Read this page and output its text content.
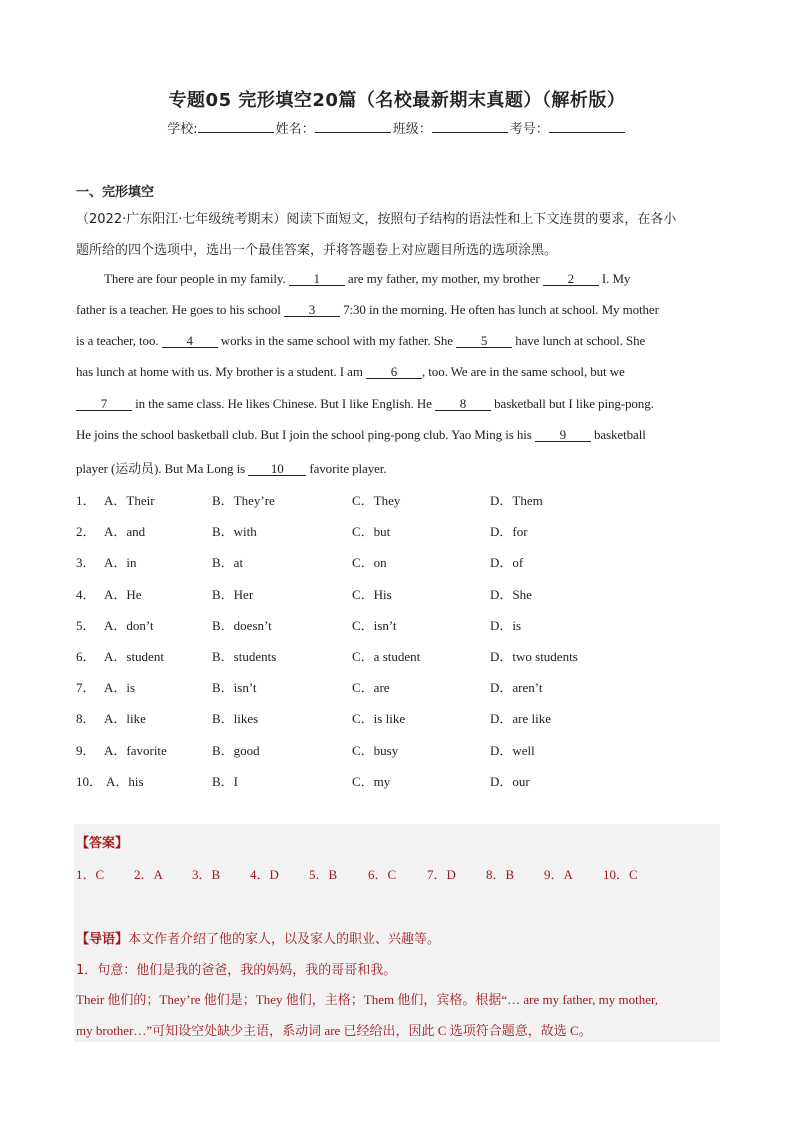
专题05 完形填空20篇（名校最新期末真题）（解析版）
学校:	姓名：	班级：	考号：
一、完形填空
（2022·广东阳江·七年级统考期末）阅读下面短文，按照句子结构的语法性和上下文连贯的要求，在各小
题所给的四个选项中，选出一个最佳答案，并将答题卷上对应题目所选的选项涂黑。
There are four people in my family. 1 are my father, my mother, my brother 2 I. My
father is a teacher. He goes to his school 3 7:30 in the morning. He often has lunch at school. My mother
is a teacher, too. 4 works in the same school with my father. She 5 have lunch at school. She
has lunch at home with us. My brother is a student. I am 6 , too. We are in the same school, but we
7 in the same class. He likes Chinese. But I like English. He 8 basketball but I like ping-pong.
He joins the school basketball club. But I join the school ping-pong club. Yao Ming is his 9 basketball
player (运动员). But Ma Long is 10 favorite player.
1． A．Their	B．They’re	C．They	D．Them
2． A．and	B．with	C．but	D．for
3． A．in	B．at	C．on	D．of
4． A．He	B．Her	C．His	D．She
5． A．don’t	B．doesn’t	C．isn’t	D．is
6． A．student	B．students	C．a student	D．two students
7． A．is	B．isn’t	C．are	D．aren’t
8． A．like	B．likes	C．is like	D．are like
9． A．favorite	B．good	C．busy	D．well
10． A．his	B．I	C．my	D．our
【答案】
1．C 2．A 3．B 4．D 5．B 6．C 7．D 8．B 9．A 10．C
【导语】本文作者介绍了他的家人，以及家人的职业、兴趣等。
1．句意：他们是我的爸爸，我的妈妈，我的哥哥和我。
Their 他们的；They’re 他们是；They 他们，主格；Them 他们，宾格。根据“… are my father, my mother,
my brother…”可知设空处缺少主语，系动词 are 已经给出，因此 C 选项符合题意，故选 C。
